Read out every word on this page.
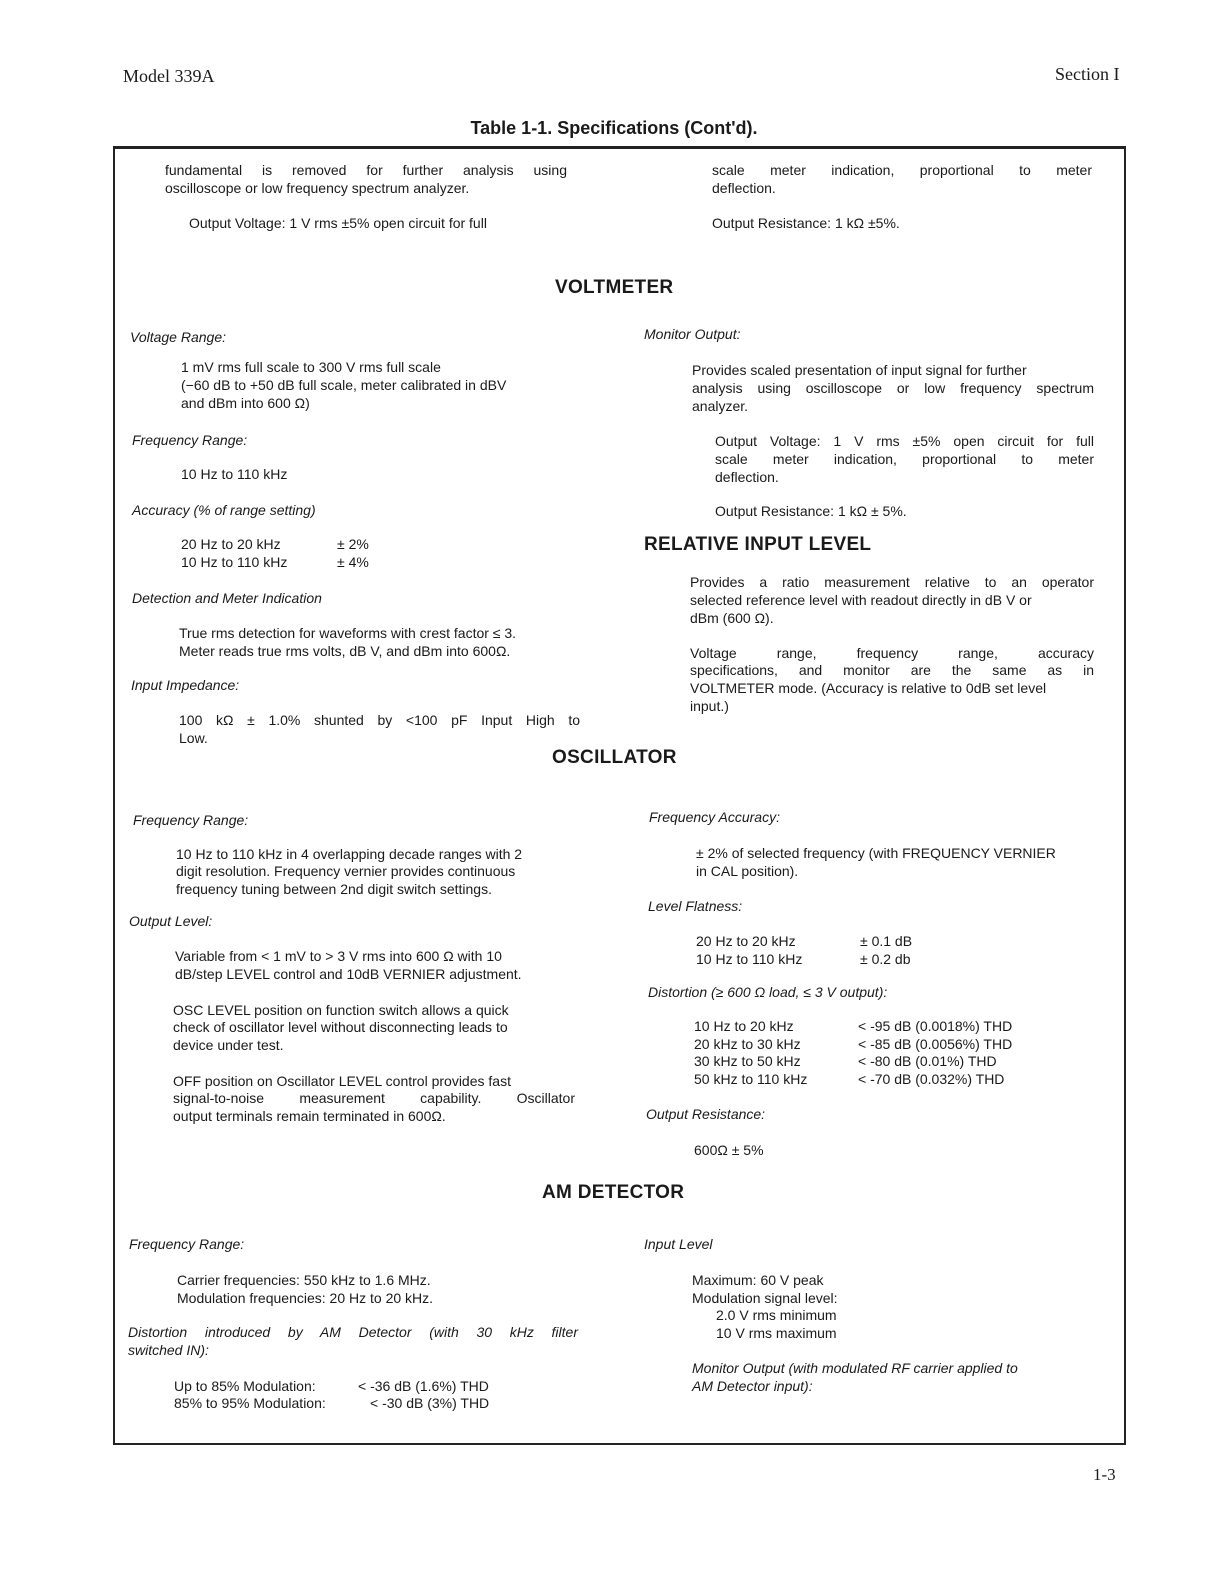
Model 339A	Section I
Table 1-1. Specifications (Cont'd).
fundamental is removed for further analysis using
oscilloscope or low frequency spectrum analyzer.
Output Voltage: 1 V rms ±5% open circuit for full
scale meter indication, proportional to meter
deflection.
Output Resistance: 1 kΩ ±5%.
VOLTMETER
Voltage Range:
1 mV rms full scale to 300 V rms full scale
(−60 dB to +50 dB full scale, meter calibrated in dBV
and dBm into 600 Ω)
Frequency Range:
10 Hz to 110 kHz
Accuracy (% of range setting)
20 Hz to 20 kHz	± 2%
10 Hz to 110 kHz	± 4%
Detection and Meter Indication
True rms detection for waveforms with crest factor ≤ 3.
Meter reads true rms volts, dB V, and dBm into 600Ω.
Input Impedance:
100 kΩ ± 1.0% shunted by <100 pF Input High to
Low.
Monitor Output:
Provides scaled presentation of input signal for further
analysis using oscilloscope or low frequency spectrum
analyzer.
Output Voltage: 1 V rms ±5% open circuit for full
scale meter indication, proportional to meter
deflection.
Output Resistance: 1 kΩ ± 5%.
RELATIVE INPUT LEVEL
Provides a ratio measurement relative to an operator
selected reference level with readout directly in dB V or
dBm (600 Ω).
Voltage range, frequency range, accuracy
specifications, and monitor are the same as in
VOLTMETER mode. (Accuracy is relative to 0dB set level
input.)
OSCILLATOR
Frequency Range:
10 Hz to 110 kHz in 4 overlapping decade ranges with 2
digit resolution. Frequency vernier provides continuous
frequency tuning between 2nd digit switch settings.
Output Level:
Variable from < 1 mV to > 3 V rms into 600 Ω with 10
dB/step LEVEL control and 10dB VERNIER adjustment.
OSC LEVEL position on function switch allows a quick
check of oscillator level without disconnecting leads to
device under test.
OFF position on Oscillator LEVEL control provides fast
signal-to-noise measurement capability. Oscillator
output terminals remain terminated in 600Ω.
Frequency Accuracy:
± 2% of selected frequency (with FREQUENCY VERNIER
in CAL position).
Level Flatness:
20 Hz to 20 kHz	± 0.1 dB
10 Hz to 110 kHz	± 0.2 db
Distortion (≥ 600 Ω load, ≤ 3 V output):
10 Hz to 20 kHz	< -95 dB (0.0018%) THD
20 kHz to 30 kHz	< -85 dB (0.0056%) THD
30 kHz to 50 kHz	< -80 dB (0.01%) THD
50 kHz to 110 kHz	< -70 dB (0.032%) THD
Output Resistance:
600Ω ± 5%
AM DETECTOR
Frequency Range:
Carrier frequencies: 550 kHz to 1.6 MHz.
Modulation frequencies: 20 Hz to 20 kHz.
Distortion introduced by AM Detector (with 30 kHz filter
switched IN):
Up to 85% Modulation:	< -36 dB (1.6%) THD
85% to 95% Modulation:	< -30 dB (3%) THD
Input Level
Maximum: 60 V peak
Modulation signal level:
2.0 V rms minimum
10 V rms maximum
Monitor Output (with modulated RF carrier applied to
AM Detector input):
1-3
